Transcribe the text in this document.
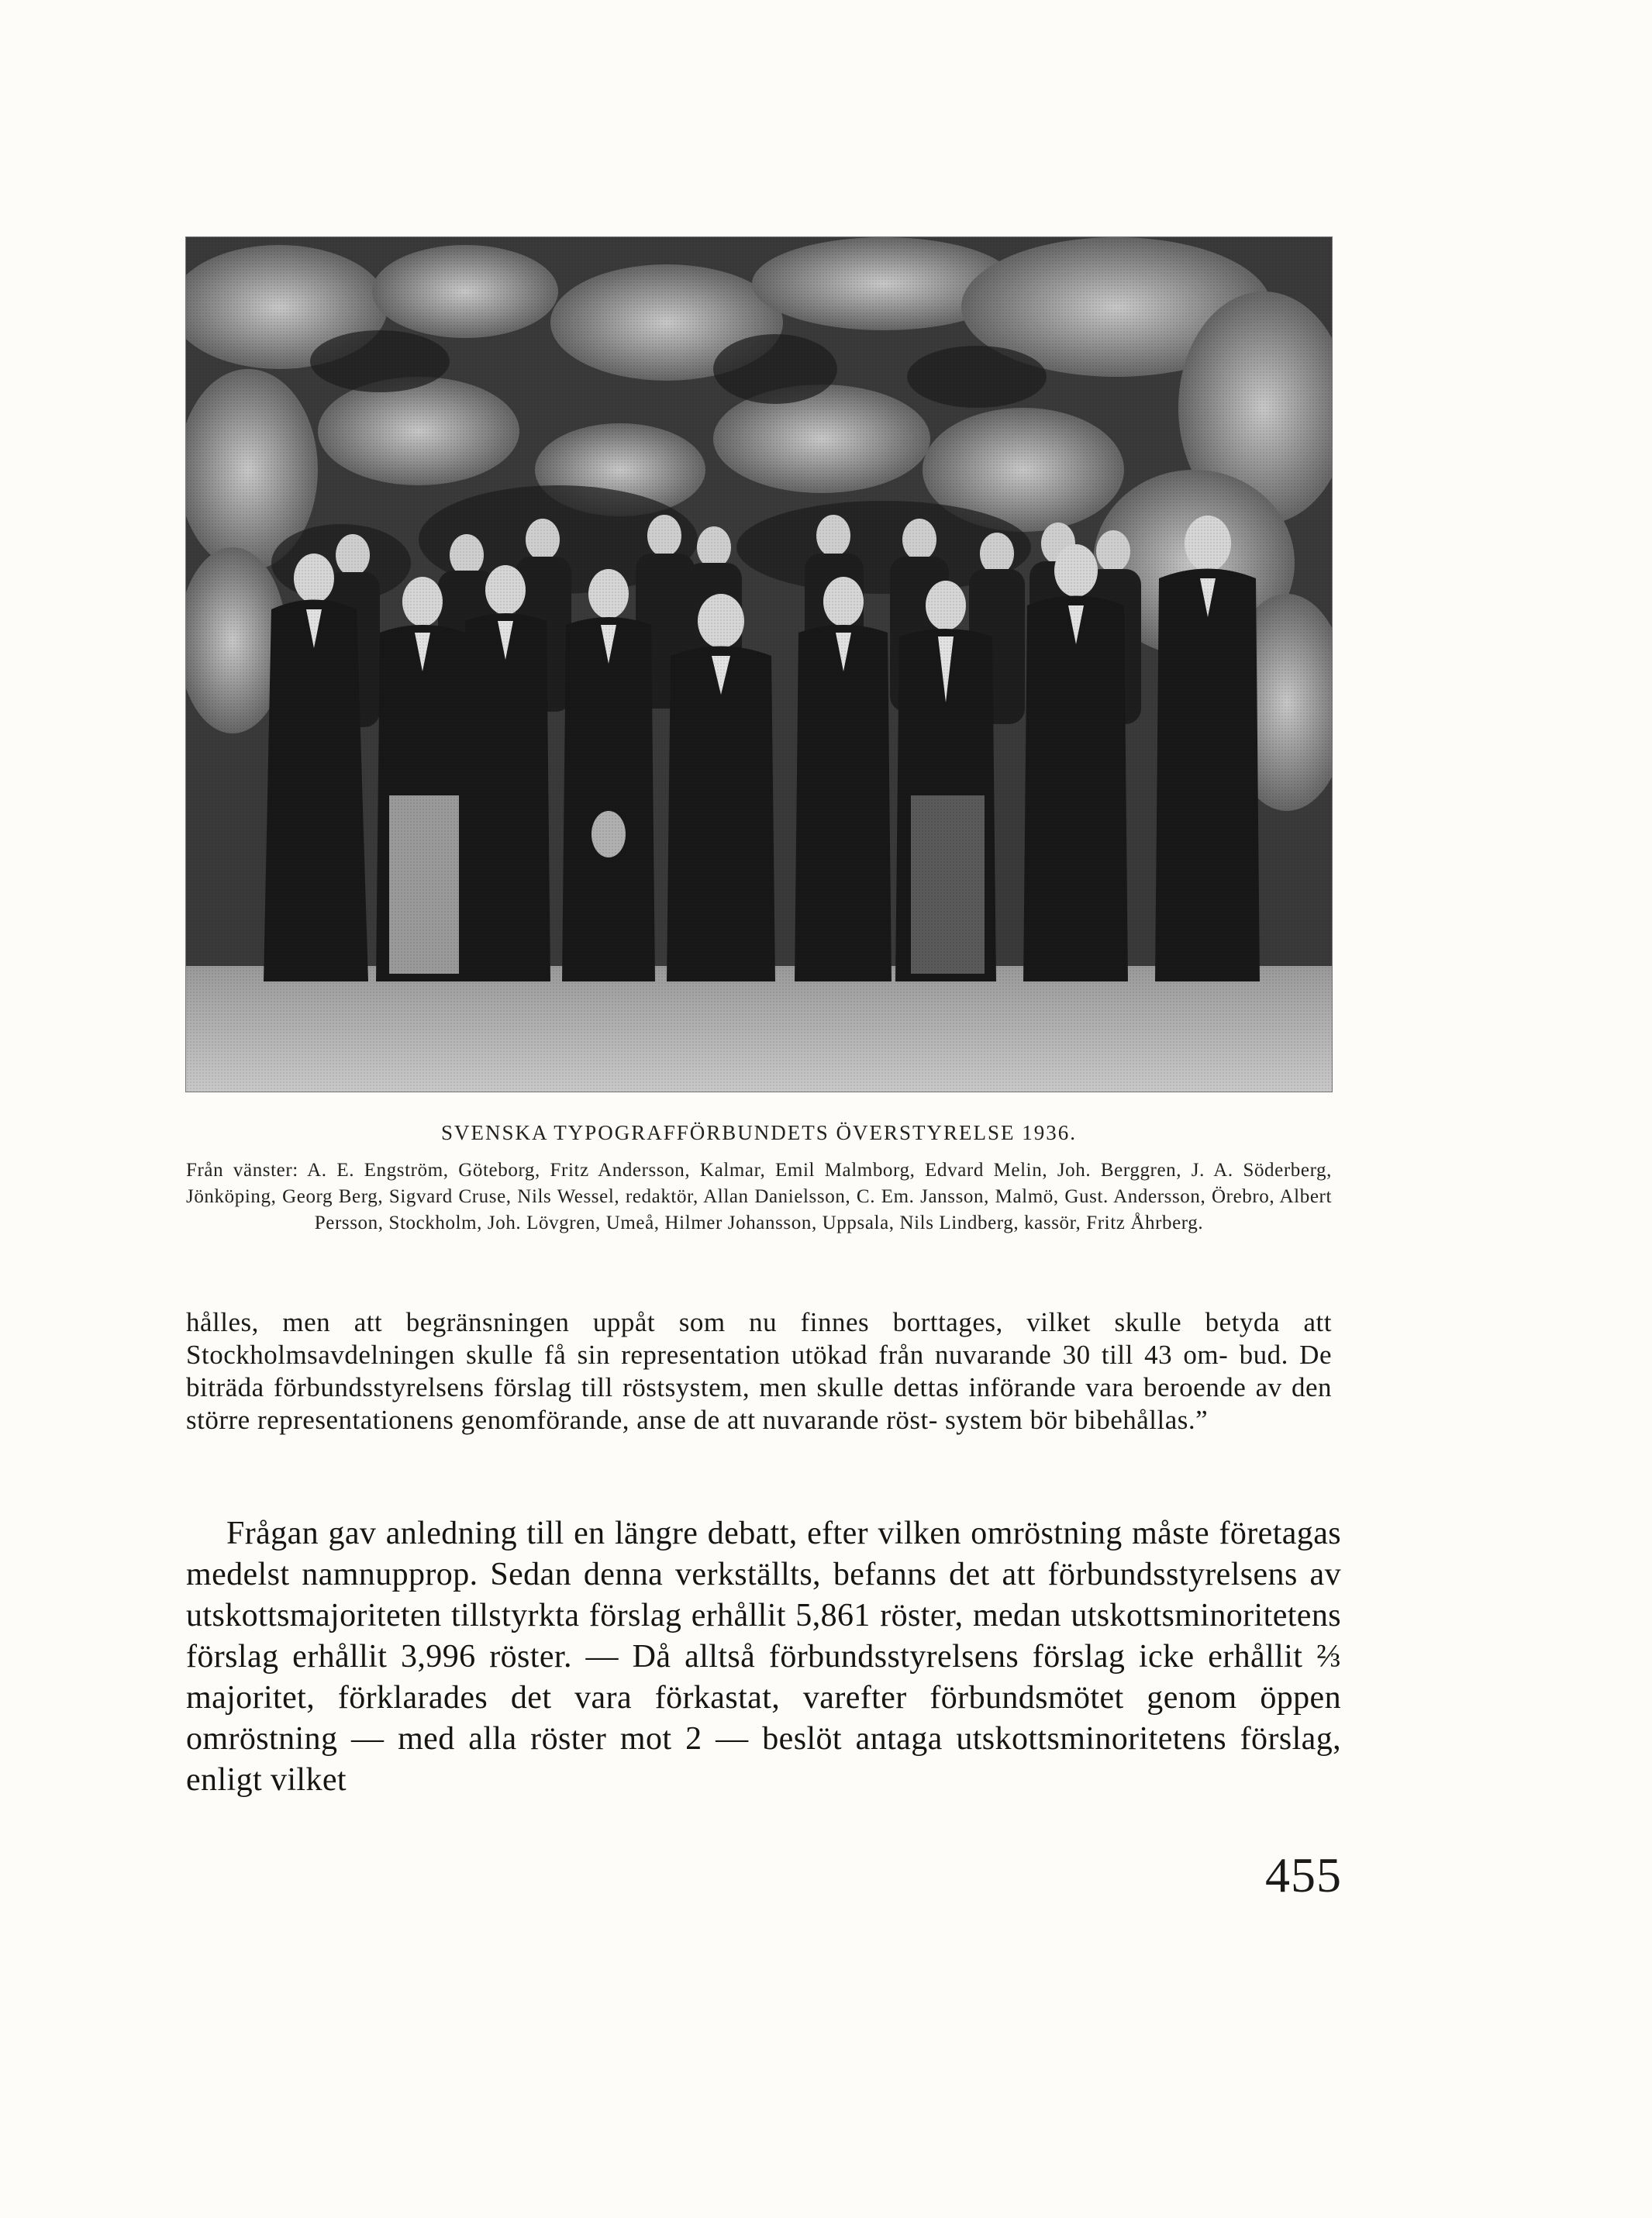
SVENSKA TYPOGRAFFÖRBUNDETS ÖVERSTYRELSE 1936.
Från vänster: A. E. Engström, Göteborg, Fritz Andersson, Kalmar, Emil Malmborg, Edvard Melin, Joh. Berggren, J. A. Söderberg, Jönköping, Georg Berg, Sigvard Cruse, Nils Wessel, redaktör, Allan Danielsson, C. Em. Jansson, Malmö, Gust. Andersson, Örebro, Albert Persson, Stockholm, Joh. Lövgren, Umeå, Hilmer Johansson, Uppsala, Nils Lindberg, kassör, Fritz Åhrberg.
hålles, men att begränsningen uppåt som nu finnes borttages, vilket skulle betyda att Stockholmsavdelningen skulle få sin representation utökad från nuvarande 30 till 43 om- bud. De biträda förbundsstyrelsens förslag till röstsystem, men skulle dettas införande vara beroende av den större representationens genomförande, anse de att nuvarande röst- system bör bibehållas.”
Frågan gav anledning till en längre debatt, efter vilken omröstning måste företagas medelst namnupprop. Sedan denna verkställts, befanns det att förbundsstyrelsens av utskottsmajoriteten tillstyrkta förslag erhållit 5,861 röster, medan utskottsminoritetens förslag erhållit 3,996 röster. — Då alltså förbundsstyrelsens förslag icke erhållit ⅔ majoritet, förklarades det vara förkastat, varefter förbundsmötet genom öppen omröstning — med alla röster mot 2 — beslöt antaga utskottsminoritetens förslag, enligt vilket
455
